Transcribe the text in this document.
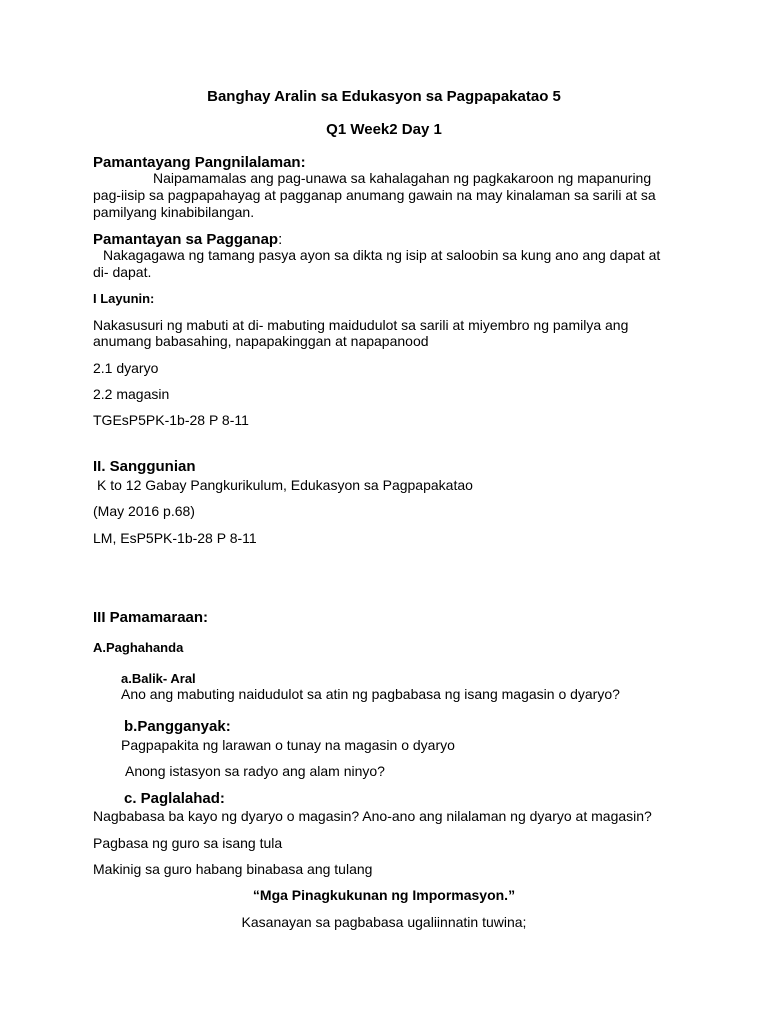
Banghay Aralin sa Edukasyon sa Pagpapakatao 5
Q1 Week2 Day 1
Pamantayang Pangnilalaman:
Naipamamalas ang pag-unawa sa kahalagahan ng pagkakaroon ng mapanuring
pag-iisip sa pagpapahayag at pagganap anumang gawain na may kinalaman sa sarili at sa
pamilyang kinabibilangan.
Pamantayan sa Pagganap:
Nakagagawa ng tamang pasya ayon sa dikta ng isip at saloobin sa kung ano ang dapat at
di- dapat.
I Layunin:
Nakasusuri ng mabuti at di- mabuting maidudulot sa sarili at miyembro ng pamilya ang
anumang babasahing, napapakinggan at napapanood
2.1 dyaryo
2.2 magasin
TGEsP5PK-1b-28 P 8-11
II. Sanggunian
K to 12 Gabay Pangkurikulum, Edukasyon sa Pagpapakatao
(May 2016 p.68)
LM, EsP5PK-1b-28 P 8-11
III Pamamaraan:
A.Paghahanda
a.Balik- Aral
Ano ang mabuting naidudulot sa atin ng pagbabasa ng isang magasin o dyaryo?
b.Pangganyak:
Pagpapakita ng larawan o tunay na magasin o dyaryo
Anong istasyon sa radyo ang alam ninyo?
c. Paglalahad:
Nagbabasa ba kayo ng dyaryo o magasin? Ano-ano ang nilalaman ng dyaryo at magasin?
Pagbasa ng guro sa isang tula
Makinig sa guro habang binabasa ang tulang
“Mga Pinagkukunan ng Impormasyon.”
Kasanayan sa pagbabasa ugaliinnatin tuwina;
